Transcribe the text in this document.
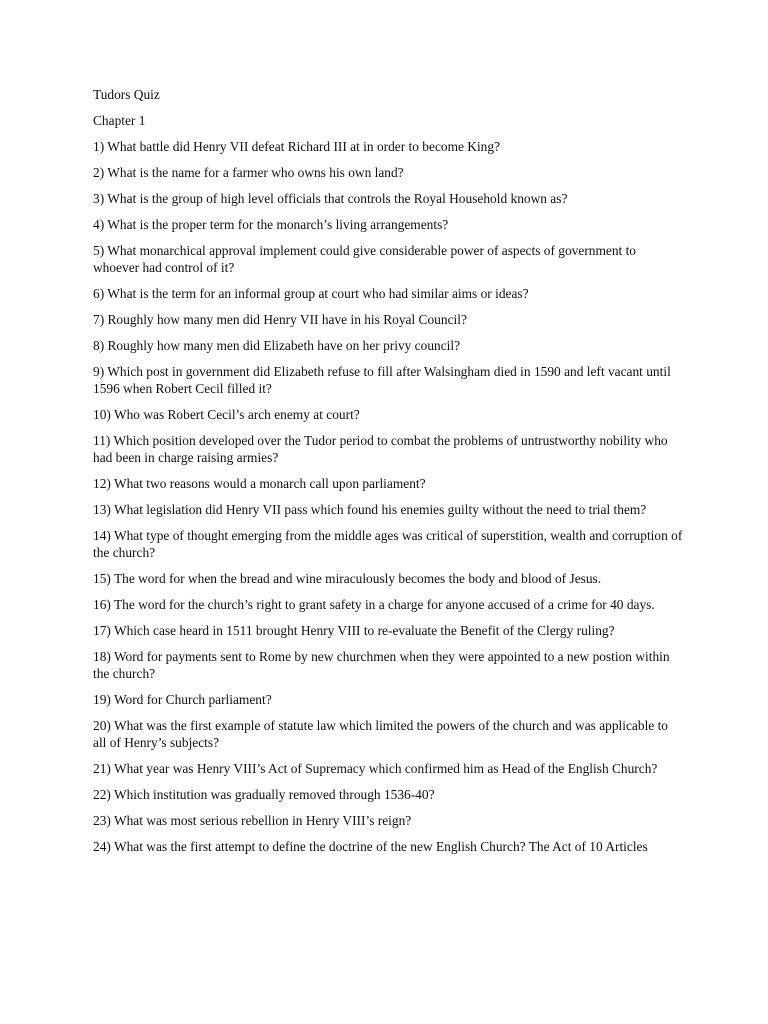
Tudors Quiz

Chapter 1

1) What battle did Henry VII defeat Richard III at in order to become King?
2) What is the name for a farmer who owns his own land?
3) What is the group of high level officials that controls the Royal Household known as?
4) What is the proper term for the monarch’s living arrangements?
5) What monarchical approval implement could give considerable power of aspects of government to whoever had control of it?
6) What is the term for an informal group at court who had similar aims or ideas?
7) Roughly how many men did Henry VII have in his Royal Council?
8) Roughly how many men did Elizabeth have on her privy council?
9) Which post in government did Elizabeth refuse to fill after Walsingham died in 1590 and left vacant until 1596 when Robert Cecil filled it?
10) Who was Robert Cecil’s arch enemy at court?
11) Which position developed over the Tudor period to combat the problems of untrustworthy nobility who had been in charge raising armies?
12) What two reasons would a monarch call upon parliament?
13) What legislation did Henry VII pass which found his enemies guilty without the need to trial them?
14) What type of thought emerging from the middle ages was critical of superstition, wealth and corruption of the church?
15) The word for when the bread and wine miraculously becomes the body and blood of Jesus.
16) The word for the church’s right to grant safety in a charge for anyone accused of a crime for 40 days.
17) Which case heard in 1511 brought Henry VIII to re-evaluate the Benefit of the Clergy ruling?
18) Word for payments sent to Rome by new churchmen when they were appointed to a new postion within the church?
19) Word for Church parliament?
20) What was the first example of statute law which limited the powers of the church and was applicable to all of Henry’s subjects?
21) What year was Henry VIII’s Act of Supremacy which confirmed him as Head of the English Church?
22) Which institution was gradually removed through 1536-40?
23) What was most serious rebellion in Henry VIII’s reign?
24) What was the first attempt to define the doctrine of the new English Church? The Act of 10 Articles
